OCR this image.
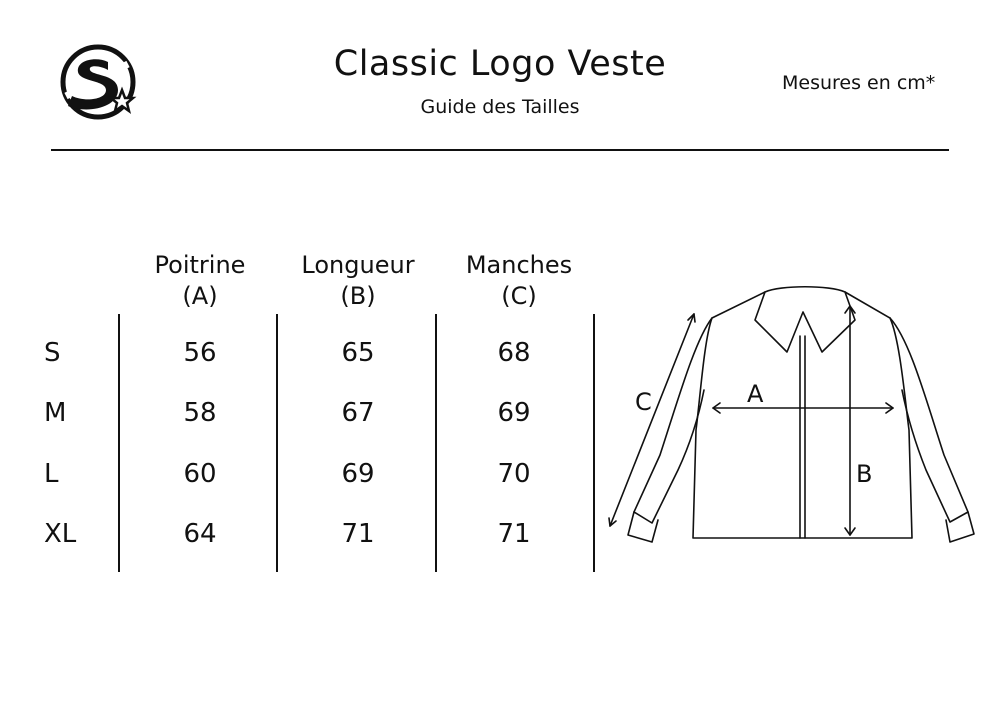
Classic Logo Veste
Guide des Tailles
Mesures en cm*
Poitrine
(A)
Longueur
(B)
Manches
(C)
S	56	65	68
M	58	67	69
L	60	69	70
XL	64	71	71
A
B
C
